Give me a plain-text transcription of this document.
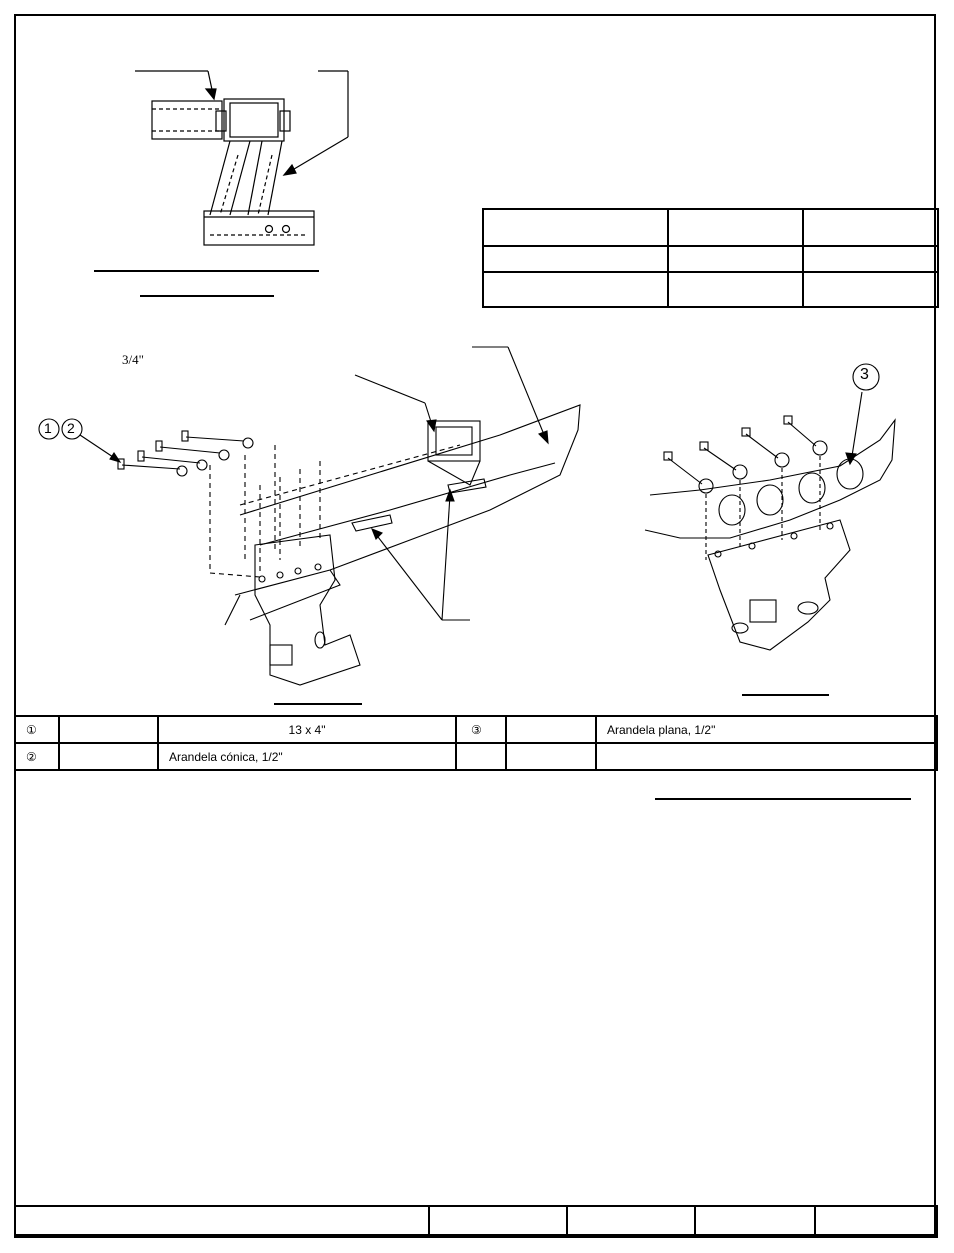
3/4"
1 2
3
①		13 x 4"	③		Arandela plana, 1/2"
②		Arandela cónica, 1/2"			
